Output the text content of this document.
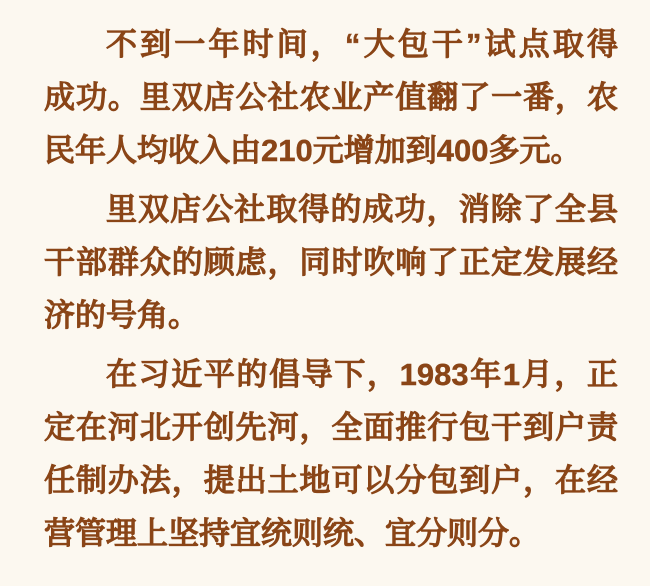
不到一年时间，“大包干”试点取得
成功。里双店公社农业产值翻了一番，农
民年人均收入由210元增加到400多元。

里双店公社取得的成功，消除了全县
干部群众的顾虑，同时吹响了正定发展经
济的号角。

在习近平的倡导下，1983年1月，正
定在河北开创先河，全面推行包干到户责
任制办法，提出土地可以分包到户，在经
营管理上坚持宜统则统、宜分则分。
